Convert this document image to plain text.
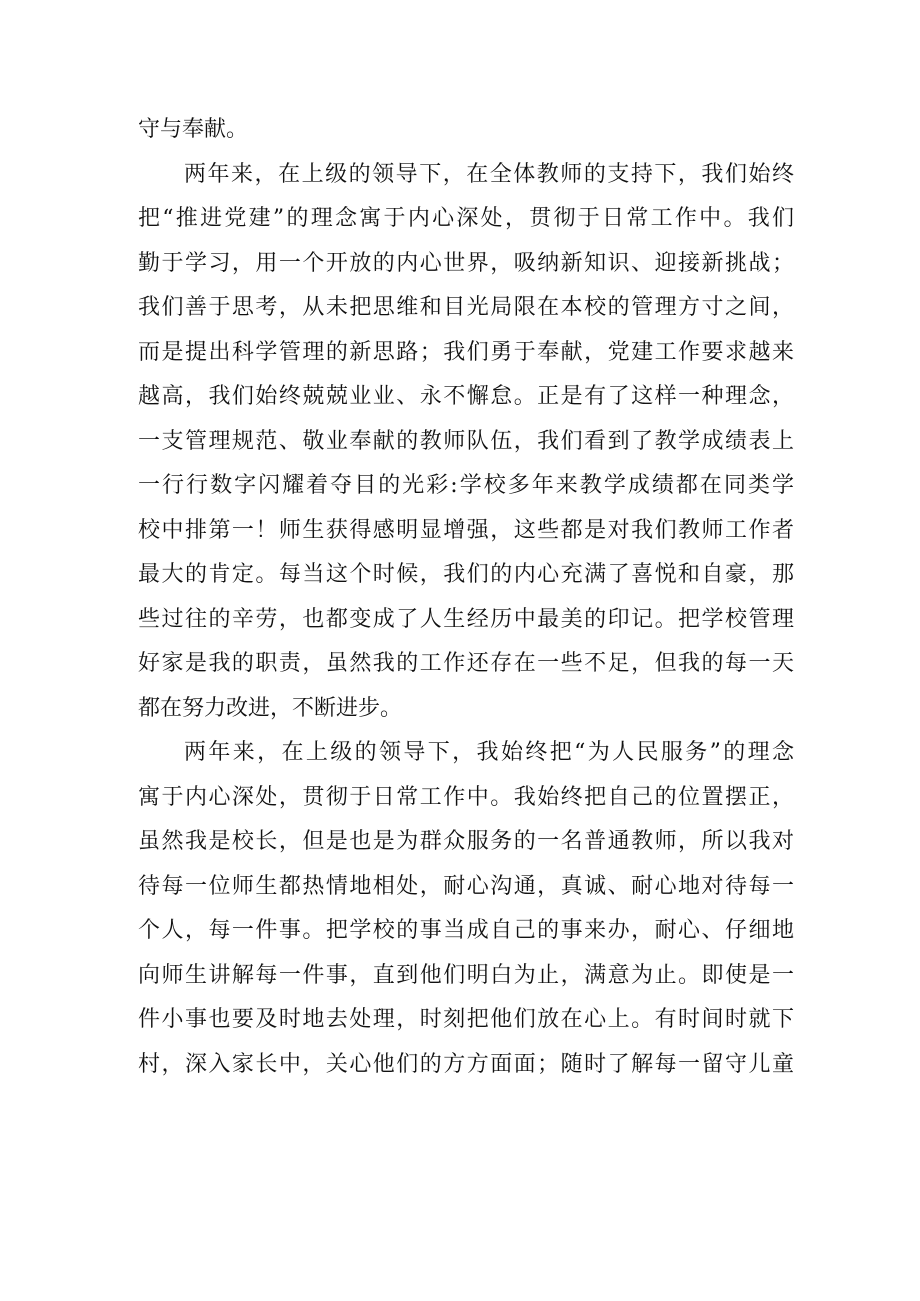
守与奉献。
两年来，在上级的领导下，在全体教师的支持下，我们始终
把“推进党建”的理念寓于内心深处，贯彻于日常工作中。我们
勤于学习，用一个开放的内心世界，吸纳新知识、迎接新挑战；
我们善于思考，从未把思维和目光局限在本校的管理方寸之间，
而是提出科学管理的新思路；我们勇于奉献，党建工作要求越来
越高，我们始终兢兢业业、永不懈怠。正是有了这样一种理念，
一支管理规范、敬业奉献的教师队伍，我们看到了教学成绩表上
一行行数字闪耀着夺目的光彩:学校多年来教学成绩都在同类学
校中排第一！师生获得感明显增强，这些都是对我们教师工作者
最大的肯定。每当这个时候，我们的内心充满了喜悦和自豪，那
些过往的辛劳，也都变成了人生经历中最美的印记。把学校管理
好家是我的职责，虽然我的工作还存在一些不足，但我的每一天
都在努力改进，不断进步。
两年来，在上级的领导下，我始终把“为人民服务”的理念
寓于内心深处，贯彻于日常工作中。我始终把自己的位置摆正，
虽然我是校长，但是也是为群众服务的一名普通教师，所以我对
待每一位师生都热情地相处，耐心沟通，真诚、耐心地对待每一
个人，每一件事。把学校的事当成自己的事来办，耐心、仔细地
向师生讲解每一件事，直到他们明白为止，满意为止。即使是一
件小事也要及时地去处理，时刻把他们放在心上。有时间时就下
村，深入家长中，关心他们的方方面面；随时了解每一留守儿童
